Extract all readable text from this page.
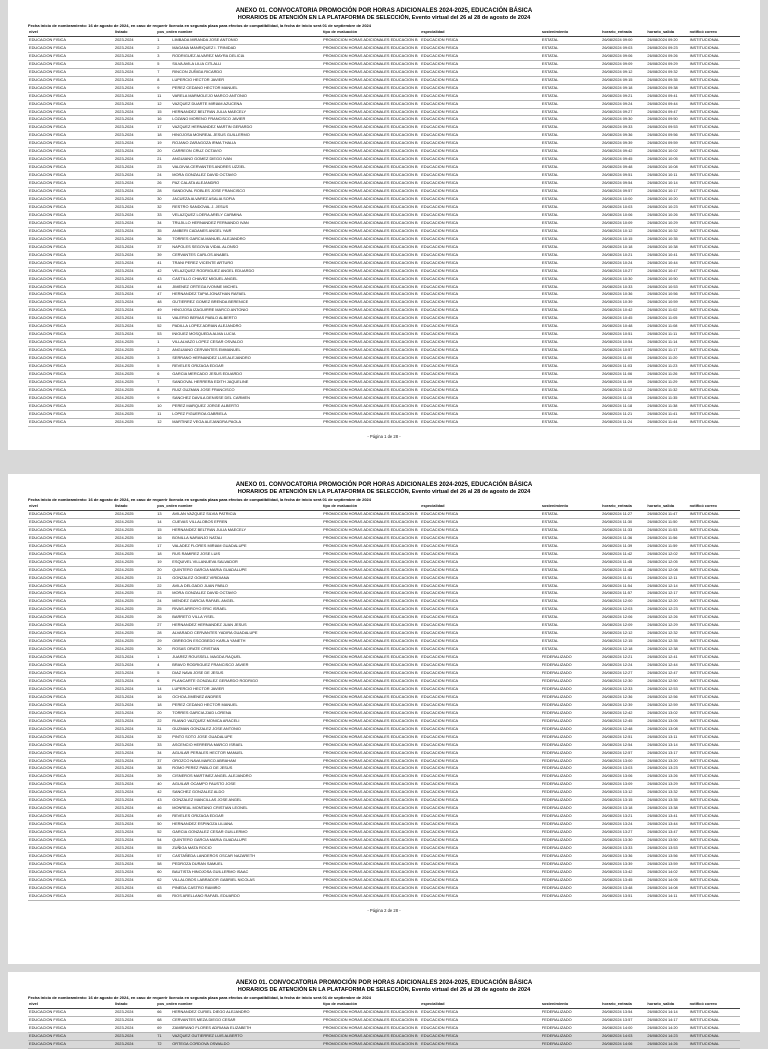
ANEXO 01. CONVOCATORIA PROMOCIÓN POR HORAS ADICIONALES 2024-2025, EDUCACIÓN BÁSICA
HORARIOS DE ATENCIÓN EN LA PLATAFORMA DE SELECCIÓN, Evento virtual del 26 al 28 de agosto de 2024
Fecha inicio de nombramiento: 16 de agosto de 2024, en caso de requerir licencia en segunda plaza para efectos de compatibilidad, la fecha de inicio será 01 de septiembre de 2024
nivel	listado	pos_orden nombre		tipo de evaluación	especialidad	sostenimiento	horario_entrada	horario_salida	notificó correo
EDUCACION FISICA	2023-2024	1	LIMBADA MIRANDA JOSE ANTONIO	PROMOCION HORAS ADICIONALES EDUCACION B	EDUCACION FISICA	ESTATAL	26/08/2024 09:00	26/08/2024 09:20	INSTITUCIONAL
EDUCACION FISICA	2023-2024	2	MAGANA MANRIQUEZ I. TRINIDAD	PROMOCION HORAS ADICIONALES EDUCACION B	EDUCACION FISICA	ESTATAL	26/08/2024 09:03	26/08/2024 09:23	INSTITUCIONAL
EDUCACION FISICA	2023-2024	3	RODRIGUEZ ALVAREZ MAYRA DELICIA	PROMOCION HORAS ADICIONALES EDUCACION B	EDUCACION FISICA	ESTATAL	26/08/2024 09:06	26/08/2024 09:26	INSTITUCIONAL
EDUCACION FISICA	2023-2024	5	SILVA AVILA LILIA CITLALLI	PROMOCION HORAS ADICIONALES EDUCACION B	EDUCACION FISICA	ESTATAL	26/08/2024 09:09	26/08/2024 09:29	INSTITUCIONAL
EDUCACION FISICA	2023-2024	7	RINCON ZUÑIGA RICARDO	PROMOCION HORAS ADICIONALES EDUCACION B	EDUCACION FISICA	ESTATAL	26/08/2024 09:12	26/08/2024 09:32	INSTITUCIONAL
EDUCACION FISICA	2023-2024	8	LUPERCIO HECTOR JAVIER	PROMOCION HORAS ADICIONALES EDUCACION B	EDUCACION FISICA	ESTATAL	26/08/2024 09:15	26/08/2024 09:35	INSTITUCIONAL
EDUCACION FISICA	2023-2024	9	PEREZ CEDANO HECTOR MANUEL	PROMOCION HORAS ADICIONALES EDUCACION B	EDUCACION FISICA	ESTATAL	26/08/2024 09:18	26/08/2024 09:38	INSTITUCIONAL
EDUCACION FISICA	2023-2024	11	VARELA MARMOLEJO MARCO ANTONIO	PROMOCION HORAS ADICIONALES EDUCACION B	EDUCACION FISICA	ESTATAL	26/08/2024 09:21	26/08/2024 09:41	INSTITUCIONAL
EDUCACION FISICA	2023-2024	12	VAZQUEZ DUARTE MIRIAM AZUCENA	PROMOCION HORAS ADICIONALES EDUCACION B	EDUCACION FISICA	ESTATAL	26/08/2024 09:24	26/08/2024 09:44	INSTITUCIONAL
EDUCACION FISICA	2023-2024	15	HERNANDEZ BELTRAN JULIA MAECELY	PROMOCION HORAS ADICIONALES EDUCACION B	EDUCACION FISICA	ESTATAL	26/08/2024 09:27	26/08/2024 09:47	INSTITUCIONAL
EDUCACION FISICA	2023-2024	16	LOZANO MORENO FRANCISCO JAVIER	PROMOCION HORAS ADICIONALES EDUCACION B	EDUCACION FISICA	ESTATAL	26/08/2024 09:30	26/08/2024 09:50	INSTITUCIONAL
EDUCACION FISICA	2023-2024	17	VAZQUEZ HERNANDEZ MARTIN GERARDO	PROMOCION HORAS ADICIONALES EDUCACION B	EDUCACION FISICA	ESTATAL	26/08/2024 09:33	26/08/2024 09:53	INSTITUCIONAL
EDUCACION FISICA	2023-2024	18	HINOJOSA MONREAL JESUS GUILLERMO	PROMOCION HORAS ADICIONALES EDUCACION B	EDUCACION FISICA	ESTATAL	26/08/2024 09:36	26/08/2024 09:56	INSTITUCIONAL
EDUCACION FISICA	2023-2024	19	ROJANO ZARAGOZA IRMA THALIA	PROMOCION HORAS ADICIONALES EDUCACION B	EDUCACION FISICA	ESTATAL	26/08/2024 09:39	26/08/2024 09:59	INSTITUCIONAL
EDUCACION FISICA	2023-2024	20	CARREON CRUZ OCTAVIO	PROMOCION HORAS ADICIONALES EDUCACION B	EDUCACION FISICA	ESTATAL	26/08/2024 09:42	26/08/2024 10:02	INSTITUCIONAL
EDUCACION FISICA	2023-2024	21	ANGUIANO GOMEZ DIEGO IVAN	PROMOCION HORAS ADICIONALES EDUCACION B	EDUCACION FISICA	ESTATAL	26/08/2024 09:45	26/08/2024 10:05	INSTITUCIONAL
EDUCACION FISICA	2023-2024	23	VALDIVIA CERVANTES ANDRES UZZIEL	PROMOCION HORAS ADICIONALES EDUCACION B	EDUCACION FISICA	ESTATAL	26/08/2024 09:48	26/08/2024 10:08	INSTITUCIONAL
EDUCACION FISICA	2023-2024	24	MORA GONZALEZ DAVID OCTAVIO	PROMOCION HORAS ADICIONALES EDUCACION B	EDUCACION FISICA	ESTATAL	26/08/2024 09:51	26/08/2024 10:11	INSTITUCIONAL
EDUCACION FISICA	2023-2024	26	PAZ CALATA ALEJANDRO	PROMOCION HORAS ADICIONALES EDUCACION B	EDUCACION FISICA	ESTATAL	26/08/2024 09:54	26/08/2024 10:14	INSTITUCIONAL
EDUCACION FISICA	2023-2024	28	SANDOVAL ROBLES JOSE FRANCISCO	PROMOCION HORAS ADICIONALES EDUCACION B	EDUCACION FISICA	ESTATAL	26/08/2024 09:57	26/08/2024 10:17	INSTITUCIONAL
EDUCACION FISICA	2023-2024	30	JACUEZA ALVAREZ ASALIA SOFIA	PROMOCION HORAS ADICIONALES EDUCACION B	EDUCACION FISICA	ESTATAL	26/08/2024 10:00	26/08/2024 10:20	INSTITUCIONAL
EDUCACION FISICA	2023-2024	32	RESTRO SANDOVAL J. JESUS	PROMOCION HORAS ADICIONALES EDUCACION B	EDUCACION FISICA	ESTATAL	26/08/2024 10:03	26/08/2024 10:23	INSTITUCIONAL
EDUCACION FISICA	2023-2024	33	VELAZQUEZ LOERA ARELY CARMINA	PROMOCION HORAS ADICIONALES EDUCACION B	EDUCACION FISICA	ESTATAL	26/08/2024 10:06	26/08/2024 10:26	INSTITUCIONAL
EDUCACION FISICA	2023-2024	34	TRUJILLO HERNANDEZ FERNANDO IVAN	PROMOCION HORAS ADICIONALES EDUCACION B	EDUCACION FISICA	ESTATAL	26/08/2024 10:09	26/08/2024 10:29	INSTITUCIONAL
EDUCACION FISICA	2023-2024	35	ANIBERI CADANES ANGEL YAIR	PROMOCION HORAS ADICIONALES EDUCACION B	EDUCACION FISICA	ESTATAL	26/08/2024 10:12	26/08/2024 10:32	INSTITUCIONAL
EDUCACION FISICA	2023-2024	36	TORRES GARCIA MANUEL ALEJANDRO	PROMOCION HORAS ADICIONALES EDUCACION B	EDUCACION FISICA	ESTATAL	26/08/2024 10:15	26/08/2024 10:35	INSTITUCIONAL
EDUCACION FISICA	2023-2024	37	NAPOLES SEGOVIA VIDAL ALONSO	PROMOCION HORAS ADICIONALES EDUCACION B	EDUCACION FISICA	ESTATAL	26/08/2024 10:18	26/08/2024 10:38	INSTITUCIONAL
EDUCACION FISICA	2023-2024	39	CERVANTES CARLOS ANABEL	PROMOCION HORAS ADICIONALES EDUCACION B	EDUCACION FISICA	ESTATAL	26/08/2024 10:21	26/08/2024 10:41	INSTITUCIONAL
EDUCACION FISICA	2023-2024	41	TRANI PEREZ VICENTE ARTURO	PROMOCION HORAS ADICIONALES EDUCACION B	EDUCACION FISICA	ESTATAL	26/08/2024 10:24	26/08/2024 10:44	INSTITUCIONAL
EDUCACION FISICA	2023-2024	42	VELAZQUEZ RODRIGUEZ ANGEL EDUARDO	PROMOCION HORAS ADICIONALES EDUCACION B	EDUCACION FISICA	ESTATAL	26/08/2024 10:27	26/08/2024 10:47	INSTITUCIONAL
EDUCACION FISICA	2023-2024	43	CASTILLO CHAVEZ MIGUEL ANGEL	PROMOCION HORAS ADICIONALES EDUCACION B	EDUCACION FISICA	ESTATAL	26/08/2024 10:30	26/08/2024 10:50	INSTITUCIONAL
EDUCACION FISICA	2023-2024	44	JIMENEZ ORTEGA IVONNE MICHEL	PROMOCION HORAS ADICIONALES EDUCACION B	EDUCACION FISICA	ESTATAL	26/08/2024 10:33	26/08/2024 10:53	INSTITUCIONAL
EDUCACION FISICA	2023-2024	47	HERNANDEZ TAPIA JONATHAN RAFAEL	PROMOCION HORAS ADICIONALES EDUCACION B	EDUCACION FISICA	ESTATAL	26/08/2024 10:36	26/08/2024 10:56	INSTITUCIONAL
EDUCACION FISICA	2023-2024	48	GUTIERREZ GOMEZ BRENDA BERENICE	PROMOCION HORAS ADICIONALES EDUCACION B	EDUCACION FISICA	ESTATAL	26/08/2024 10:39	26/08/2024 10:59	INSTITUCIONAL
EDUCACION FISICA	2023-2024	49	HINOJOSA IZAGUIRRE MARCO ANTONIO	PROMOCION HORAS ADICIONALES EDUCACION B	EDUCACION FISICA	ESTATAL	26/08/2024 10:42	26/08/2024 11:02	INSTITUCIONAL
EDUCACION FISICA	2023-2024	51	VALERIO BERIAS PABLO ALBERTO	PROMOCION HORAS ADICIONALES EDUCACION B	EDUCACION FISICA	ESTATAL	26/08/2024 10:45	26/08/2024 11:05	INSTITUCIONAL
EDUCACION FISICA	2023-2024	52	PADILLA LOPEZ ADRIAN ALEJANDRO	PROMOCION HORAS ADICIONALES EDUCACION B	EDUCACION FISICA	ESTATAL	26/08/2024 10:48	26/08/2024 11:08	INSTITUCIONAL
EDUCACION FISICA	2023-2024	53	INIGUEZ MOSQUEDA ALMA LUCIA	PROMOCION HORAS ADICIONALES EDUCACION B	EDUCACION FISICA	ESTATAL	26/08/2024 10:51	26/08/2024 11:11	INSTITUCIONAL
EDUCACION FISICA	2024-2025	1	VILLALVAZO LOPEZ CESAR OSVALDO	PROMOCION HORAS ADICIONALES EDUCACION B	EDUCACION FISICA	ESTATAL	26/08/2024 10:54	26/08/2024 11:14	INSTITUCIONAL
EDUCACION FISICA	2024-2025	2	ANGUIANO CERVANTES EMMANUEL	PROMOCION HORAS ADICIONALES EDUCACION B	EDUCACION FISICA	ESTATAL	26/08/2024 10:57	26/08/2024 11:17	INSTITUCIONAL
EDUCACION FISICA	2024-2025	3	SERRANO HERNANDEZ LUIS ALEJANDRO	PROMOCION HORAS ADICIONALES EDUCACION B	EDUCACION FISICA	ESTATAL	26/08/2024 11:00	26/08/2024 11:20	INSTITUCIONAL
EDUCACION FISICA	2024-2025	5	REVELES ORIZAGA EDGAR	PROMOCION HORAS ADICIONALES EDUCACION B	EDUCACION FISICA	ESTATAL	26/08/2024 11:03	26/08/2024 11:23	INSTITUCIONAL
EDUCACION FISICA	2024-2025	6	GARCIA MERCADO JESUS EDUARDO	PROMOCION HORAS ADICIONALES EDUCACION B	EDUCACION FISICA	ESTATAL	26/08/2024 11:06	26/08/2024 11:26	INSTITUCIONAL
EDUCACION FISICA	2024-2025	7	SANDOVAL HERRERA EDITH JAQUELINE	PROMOCION HORAS ADICIONALES EDUCACION B	EDUCACION FISICA	ESTATAL	26/08/2024 11:09	26/08/2024 11:29	INSTITUCIONAL
EDUCACION FISICA	2024-2025	8	RUIZ GUZMAN JOSE FRANCISCO	PROMOCION HORAS ADICIONALES EDUCACION B	EDUCACION FISICA	ESTATAL	26/08/2024 11:12	26/08/2024 11:32	INSTITUCIONAL
EDUCACION FISICA	2024-2025	9	SANCHEZ DAVILA DENISSE DEL CARMEN	PROMOCION HORAS ADICIONALES EDUCACION B	EDUCACION FISICA	ESTATAL	26/08/2024 11:15	26/08/2024 11:35	INSTITUCIONAL
EDUCACION FISICA	2024-2025	10	PEREZ MARQUEZ JORGE ALBERTO	PROMOCION HORAS ADICIONALES EDUCACION B	EDUCACION FISICA	ESTATAL	26/08/2024 11:18	26/08/2024 11:38	INSTITUCIONAL
EDUCACION FISICA	2024-2025	11	LOPEZ FIGUEROA GABRIELA	PROMOCION HORAS ADICIONALES EDUCACION B	EDUCACION FISICA	ESTATAL	26/08/2024 11:21	26/08/2024 11:41	INSTITUCIONAL
EDUCACION FISICA	2024-2025	12	MARTINEZ VEGA ALEJANDRA PAOLA	PROMOCION HORAS ADICIONALES EDUCACION B	EDUCACION FISICA	ESTATAL	26/08/2024 11:24	26/08/2024 11:44	INSTITUCIONAL
- Página 1 de 28 -
ANEXO 01. CONVOCATORIA PROMOCIÓN POR HORAS ADICIONALES 2024-2025, EDUCACIÓN BÁSICA
HORARIOS DE ATENCIÓN EN LA PLATAFORMA DE SELECCIÓN, Evento virtual del 26 al 28 de agosto de 2024
Fecha inicio de nombramiento: 16 de agosto de 2024, en caso de requerir licencia en segunda plaza para efectos de compatibilidad, la fecha de inicio será 01 de septiembre de 2024
nivel	listado	pos_orden nombre		tipo de evaluación	especialidad	sostenimiento	horario_entrada	horario_salida	notificó correo
EDUCACION FISICA	2024-2025	13	AVILAN VAZQUEZ SILVIA PATRICIA	PROMOCION HORAS ADICIONALES EDUCACION B	EDUCACION FISICA	ESTATAL	26/08/2024 11:27	26/08/2024 11:47	INSTITUCIONAL
EDUCACION FISICA	2024-2025	14	CUEVAS VILLALOBOS EFREN	PROMOCION HORAS ADICIONALES EDUCACION B	EDUCACION FISICA	ESTATAL	26/08/2024 11:30	26/08/2024 11:50	INSTITUCIONAL
EDUCACION FISICA	2024-2025	15	HERNANDEZ BELTRAN JULIA MAECELY	PROMOCION HORAS ADICIONALES EDUCACION B	EDUCACION FISICA	ESTATAL	26/08/2024 11:33	26/08/2024 11:53	INSTITUCIONAL
EDUCACION FISICA	2024-2025	16	BONILLA NARANJO NATALI	PROMOCION HORAS ADICIONALES EDUCACION B	EDUCACION FISICA	ESTATAL	26/08/2024 11:36	26/08/2024 11:56	INSTITUCIONAL
EDUCACION FISICA	2024-2025	17	VALADEZ FLORES MIRIAM GUADALUPE	PROMOCION HORAS ADICIONALES EDUCACION B	EDUCACION FISICA	ESTATAL	26/08/2024 11:39	26/08/2024 11:59	INSTITUCIONAL
EDUCACION FISICA	2024-2025	18	RUS RAMIREZ JOSE LUIS	PROMOCION HORAS ADICIONALES EDUCACION B	EDUCACION FISICA	ESTATAL	26/08/2024 11:42	26/08/2024 12:02	INSTITUCIONAL
EDUCACION FISICA	2024-2025	19	ESQUIVEL VILLANUEVA SALVADOR	PROMOCION HORAS ADICIONALES EDUCACION B	EDUCACION FISICA	ESTATAL	26/08/2024 11:45	26/08/2024 12:05	INSTITUCIONAL
EDUCACION FISICA	2024-2025	20	QUINTERO GARCIA MARIA GUADALUPE	PROMOCION HORAS ADICIONALES EDUCACION B	EDUCACION FISICA	ESTATAL	26/08/2024 11:48	26/08/2024 12:08	INSTITUCIONAL
EDUCACION FISICA	2024-2025	21	GONZALEZ GOMEZ VIRIDIANA	PROMOCION HORAS ADICIONALES EDUCACION B	EDUCACION FISICA	ESTATAL	26/08/2024 11:51	26/08/2024 12:11	INSTITUCIONAL
EDUCACION FISICA	2024-2025	22	AVILA DELGADO JUAN PABLO	PROMOCION HORAS ADICIONALES EDUCACION B	EDUCACION FISICA	ESTATAL	26/08/2024 11:54	26/08/2024 12:14	INSTITUCIONAL
EDUCACION FISICA	2024-2025	23	MORA GONZALEZ DAVID OCTAVIO	PROMOCION HORAS ADICIONALES EDUCACION B	EDUCACION FISICA	ESTATAL	26/08/2024 11:57	26/08/2024 12:17	INSTITUCIONAL
EDUCACION FISICA	2024-2025	24	MENDEZ GARCIA RAFAEL ANGEL	PROMOCION HORAS ADICIONALES EDUCACION B	EDUCACION FISICA	ESTATAL	26/08/2024 12:00	26/08/2024 12:20	INSTITUCIONAL
EDUCACION FISICA	2024-2025	25	RIVAS ARROYO ERIC ISRAEL	PROMOCION HORAS ADICIONALES EDUCACION B	EDUCACION FISICA	ESTATAL	26/08/2024 12:03	26/08/2024 12:23	INSTITUCIONAL
EDUCACION FISICA	2024-2025	26	BARRETO VILLA YISEL	PROMOCION HORAS ADICIONALES EDUCACION B	EDUCACION FISICA	ESTATAL	26/08/2024 12:06	26/08/2024 12:26	INSTITUCIONAL
EDUCACION FISICA	2024-2025	27	HERNANDEZ HERNANDEZ JUAN JESUS	PROMOCION HORAS ADICIONALES EDUCACION B	EDUCACION FISICA	ESTATAL	26/08/2024 12:09	26/08/2024 12:29	INSTITUCIONAL
EDUCACION FISICA	2024-2025	28	ALVARADO CERVANTES YADIRA GUADALUPE	PROMOCION HORAS ADICIONALES EDUCACION B	EDUCACION FISICA	ESTATAL	26/08/2024 12:12	26/08/2024 12:32	INSTITUCIONAL
EDUCACION FISICA	2024-2025	29	OBREGON ESCOBEDO KARLA YANETH	PROMOCION HORAS ADICIONALES EDUCACION B	EDUCACION FISICA	ESTATAL	26/08/2024 12:15	26/08/2024 12:35	INSTITUCIONAL
EDUCACION FISICA	2024-2025	30	ROSAS ORATE CRISTIAN	PROMOCION HORAS ADICIONALES EDUCACION B	EDUCACION FISICA	ESTATAL	26/08/2024 12:18	26/08/2024 12:38	INSTITUCIONAL
EDUCACION FISICA	2023-2024	1	JUAREZ ROUSSELL MAGDA RAQUEL	PROMOCION HORAS ADICIONALES EDUCACION B	EDUCACION FISICA	FEDERALIZADO	26/08/2024 12:21	26/08/2024 12:41	INSTITUCIONAL
EDUCACION FISICA	2023-2024	4	BRAVO RODRIGUEZ FRANCISCO JAVIER	PROMOCION HORAS ADICIONALES EDUCACION B	EDUCACION FISICA	FEDERALIZADO	26/08/2024 12:24	26/08/2024 12:44	INSTITUCIONAL
EDUCACION FISICA	2023-2024	5	DIAZ NAVA JOSE DE JESUS	PROMOCION HORAS ADICIONALES EDUCACION B	EDUCACION FISICA	FEDERALIZADO	26/08/2024 12:27	26/08/2024 12:47	INSTITUCIONAL
EDUCACION FISICA	2023-2024	6	PLANCARTE GONZALEZ GERARDO RODRIGO	PROMOCION HORAS ADICIONALES EDUCACION B	EDUCACION FISICA	FEDERALIZADO	26/08/2024 12:30	26/08/2024 12:50	INSTITUCIONAL
EDUCACION FISICA	2023-2024	14	LUPERCIO HECTOR JAVIER	PROMOCION HORAS ADICIONALES EDUCACION B	EDUCACION FISICA	FEDERALIZADO	26/08/2024 12:33	26/08/2024 12:53	INSTITUCIONAL
EDUCACION FISICA	2023-2024	16	OCHOA JIMENEZ ANDRES	PROMOCION HORAS ADICIONALES EDUCACION B	EDUCACION FISICA	FEDERALIZADO	26/08/2024 12:36	26/08/2024 12:56	INSTITUCIONAL
EDUCACION FISICA	2023-2024	18	PEREZ CEDANO HECTOR MANUEL	PROMOCION HORAS ADICIONALES EDUCACION B	EDUCACION FISICA	FEDERALIZADO	26/08/2024 12:39	26/08/2024 12:59	INSTITUCIONAL
EDUCACION FISICA	2023-2024	20	TORRES GARCIA ZAID LORENA	PROMOCION HORAS ADICIONALES EDUCACION B	EDUCACION FISICA	FEDERALIZADO	26/08/2024 12:42	26/08/2024 13:02	INSTITUCIONAL
EDUCACION FISICA	2023-2024	22	RUANO VAZQUEZ MONICA ARACELI	PROMOCION HORAS ADICIONALES EDUCACION B	EDUCACION FISICA	FEDERALIZADO	26/08/2024 12:45	26/08/2024 13:05	INSTITUCIONAL
EDUCACION FISICA	2023-2024	31	GUZMAN GONZALEZ JOSE ANTONIO	PROMOCION HORAS ADICIONALES EDUCACION B	EDUCACION FISICA	FEDERALIZADO	26/08/2024 12:48	26/08/2024 13:08	INSTITUCIONAL
EDUCACION FISICA	2023-2024	32	PINTO SOTO JOSE GUADALUPE	PROMOCION HORAS ADICIONALES EDUCACION B	EDUCACION FISICA	FEDERALIZADO	26/08/2024 12:51	26/08/2024 13:11	INSTITUCIONAL
EDUCACION FISICA	2023-2024	33	ASCENCIO HERRERA MARCO ISRAEL	PROMOCION HORAS ADICIONALES EDUCACION B	EDUCACION FISICA	FEDERALIZADO	26/08/2024 12:54	26/08/2024 13:14	INSTITUCIONAL
EDUCACION FISICA	2023-2024	34	AGUILAR PERALES HECTOR MANUEL	PROMOCION HORAS ADICIONALES EDUCACION B	EDUCACION FISICA	FEDERALIZADO	26/08/2024 12:57	26/08/2024 13:17	INSTITUCIONAL
EDUCACION FISICA	2023-2024	37	OROZCO NAVA MARCO ABRAHAM	PROMOCION HORAS ADICIONALES EDUCACION B	EDUCACION FISICA	FEDERALIZADO	26/08/2024 13:00	26/08/2024 13:20	INSTITUCIONAL
EDUCACION FISICA	2023-2024	38	ROMO PEREZ PABLO DE JESUS	PROMOCION HORAS ADICIONALES EDUCACION B	EDUCACION FISICA	FEDERALIZADO	26/08/2024 13:03	26/08/2024 13:23	INSTITUCIONAL
EDUCACION FISICA	2023-2024	39	CISNEROS MARTINEZ ANGEL ALEJANDRO	PROMOCION HORAS ADICIONALES EDUCACION B	EDUCACION FISICA	FEDERALIZADO	26/08/2024 13:06	26/08/2024 13:26	INSTITUCIONAL
EDUCACION FISICA	2023-2024	40	AGUILAR OCAMPO FAUSTO JOSE	PROMOCION HORAS ADICIONALES EDUCACION B	EDUCACION FISICA	FEDERALIZADO	26/08/2024 13:09	26/08/2024 13:29	INSTITUCIONAL
EDUCACION FISICA	2023-2024	42	SANCHEZ GONZALEZ ALDO	PROMOCION HORAS ADICIONALES EDUCACION B	EDUCACION FISICA	FEDERALIZADO	26/08/2024 13:12	26/08/2024 13:32	INSTITUCIONAL
EDUCACION FISICA	2023-2024	43	GONZALEZ MANCILLAS JOSE ANGEL	PROMOCION HORAS ADICIONALES EDUCACION B	EDUCACION FISICA	FEDERALIZADO	26/08/2024 13:15	26/08/2024 13:35	INSTITUCIONAL
EDUCACION FISICA	2023-2024	46	MONREAL MONTANO CRISTIAN LEONEL	PROMOCION HORAS ADICIONALES EDUCACION B	EDUCACION FISICA	FEDERALIZADO	26/08/2024 13:18	26/08/2024 13:38	INSTITUCIONAL
EDUCACION FISICA	2023-2024	49	REVELES ORIZAGA EDGAR	PROMOCION HORAS ADICIONALES EDUCACION B	EDUCACION FISICA	FEDERALIZADO	26/08/2024 13:21	26/08/2024 13:41	INSTITUCIONAL
EDUCACION FISICA	2023-2024	50	HERNANDEZ ESPINOZA LILIANA	PROMOCION HORAS ADICIONALES EDUCACION B	EDUCACION FISICA	FEDERALIZADO	26/08/2024 13:24	26/08/2024 13:44	INSTITUCIONAL
EDUCACION FISICA	2023-2024	52	GARCIA GONZALEZ CESAR GUILLERMO	PROMOCION HORAS ADICIONALES EDUCACION B	EDUCACION FISICA	FEDERALIZADO	26/08/2024 13:27	26/08/2024 13:47	INSTITUCIONAL
EDUCACION FISICA	2023-2024	54	QUINTERO GARCIA MARIA GUADALUPE	PROMOCION HORAS ADICIONALES EDUCACION B	EDUCACION FISICA	FEDERALIZADO	26/08/2024 13:30	26/08/2024 13:50	INSTITUCIONAL
EDUCACION FISICA	2023-2024	55	ZUÑIGA MATA ROCIO	PROMOCION HORAS ADICIONALES EDUCACION B	EDUCACION FISICA	FEDERALIZADO	26/08/2024 13:33	26/08/2024 13:53	INSTITUCIONAL
EDUCACION FISICA	2023-2024	57	CASTAÑEDA LANDEROS OSCAR NAZARETH	PROMOCION HORAS ADICIONALES EDUCACION B	EDUCACION FISICA	FEDERALIZADO	26/08/2024 13:36	26/08/2024 13:56	INSTITUCIONAL
EDUCACION FISICA	2023-2024	58	PEDROZA DURAN SAMUEL	PROMOCION HORAS ADICIONALES EDUCACION B	EDUCACION FISICA	FEDERALIZADO	26/08/2024 13:39	26/08/2024 13:59	INSTITUCIONAL
EDUCACION FISICA	2023-2024	60	BAUTISTA HINOJOSA GUILLERMO ISAAC	PROMOCION HORAS ADICIONALES EDUCACION B	EDUCACION FISICA	FEDERALIZADO	26/08/2024 13:42	26/08/2024 14:02	INSTITUCIONAL
EDUCACION FISICA	2023-2024	62	VILLALOBOS LABRADOR GABRIEL NICOLAS	PROMOCION HORAS ADICIONALES EDUCACION B	EDUCACION FISICA	FEDERALIZADO	26/08/2024 13:45	26/08/2024 14:05	INSTITUCIONAL
EDUCACION FISICA	2023-2024	63	PINEDA CASTRO RAMIRO	PROMOCION HORAS ADICIONALES EDUCACION B	EDUCACION FISICA	FEDERALIZADO	26/08/2024 13:48	26/08/2024 14:08	INSTITUCIONAL
EDUCACION FISICA	2023-2024	65	RIOS ARELLANO RAFAEL EDUARDO	PROMOCION HORAS ADICIONALES EDUCACION B	EDUCACION FISICA	FEDERALIZADO	26/08/2024 13:51	26/08/2024 14:11	INSTITUCIONAL
- Página 2 de 28 -
ANEXO 01. CONVOCATORIA PROMOCIÓN POR HORAS ADICIONALES 2024-2025, EDUCACIÓN BÁSICA
HORARIOS DE ATENCIÓN EN LA PLATAFORMA DE SELECCIÓN, Evento virtual del 26 al 28 de agosto de 2024
Fecha inicio de nombramiento: 16 de agosto de 2024, en caso de requerir licencia en segunda plaza para efectos de compatibilidad, la fecha de inicio será 01 de septiembre de 2024
nivel	listado	pos_orden nombre		tipo de evaluación	especialidad	sostenimiento	horario_entrada	horario_salida	notificó correo
EDUCACION FISICA	2023-2024	66	HERNANDEZ CURIEL DIEGO ALEJANDRO	PROMOCION HORAS ADICIONALES EDUCACION B	EDUCACION FISICA	FEDERALIZADO	26/08/2024 13:54	26/08/2024 14:14	INSTITUCIONAL
EDUCACION FISICA	2023-2024	68	CERVANTES MEZA DIEGO CESAR	PROMOCION HORAS ADICIONALES EDUCACION B	EDUCACION FISICA	FEDERALIZADO	26/08/2024 13:57	26/08/2024 14:17	INSTITUCIONAL
EDUCACION FISICA	2023-2024	69	ZAMBRANO FLORES ADRIANA ELIZABETH	PROMOCION HORAS ADICIONALES EDUCACION B	EDUCACION FISICA	FEDERALIZADO	26/08/2024 14:00	26/08/2024 14:20	INSTITUCIONAL
EDUCACION FISICA	2023-2024	71	VAZQUEZ GUTIERREZ LUIS ALBERTO	PROMOCION HORAS ADICIONALES EDUCACION B	EDUCACION FISICA	FEDERALIZADO	26/08/2024 14:03	26/08/2024 14:23	INSTITUCIONAL
EDUCACION FISICA	2023-2024	72	ORTEGA CORDOVA OSWALDO	PROMOCION HORAS ADICIONALES EDUCACION B	EDUCACION FISICA	FEDERALIZADO	26/08/2024 14:06	26/08/2024 14:26	INSTITUCIONAL
